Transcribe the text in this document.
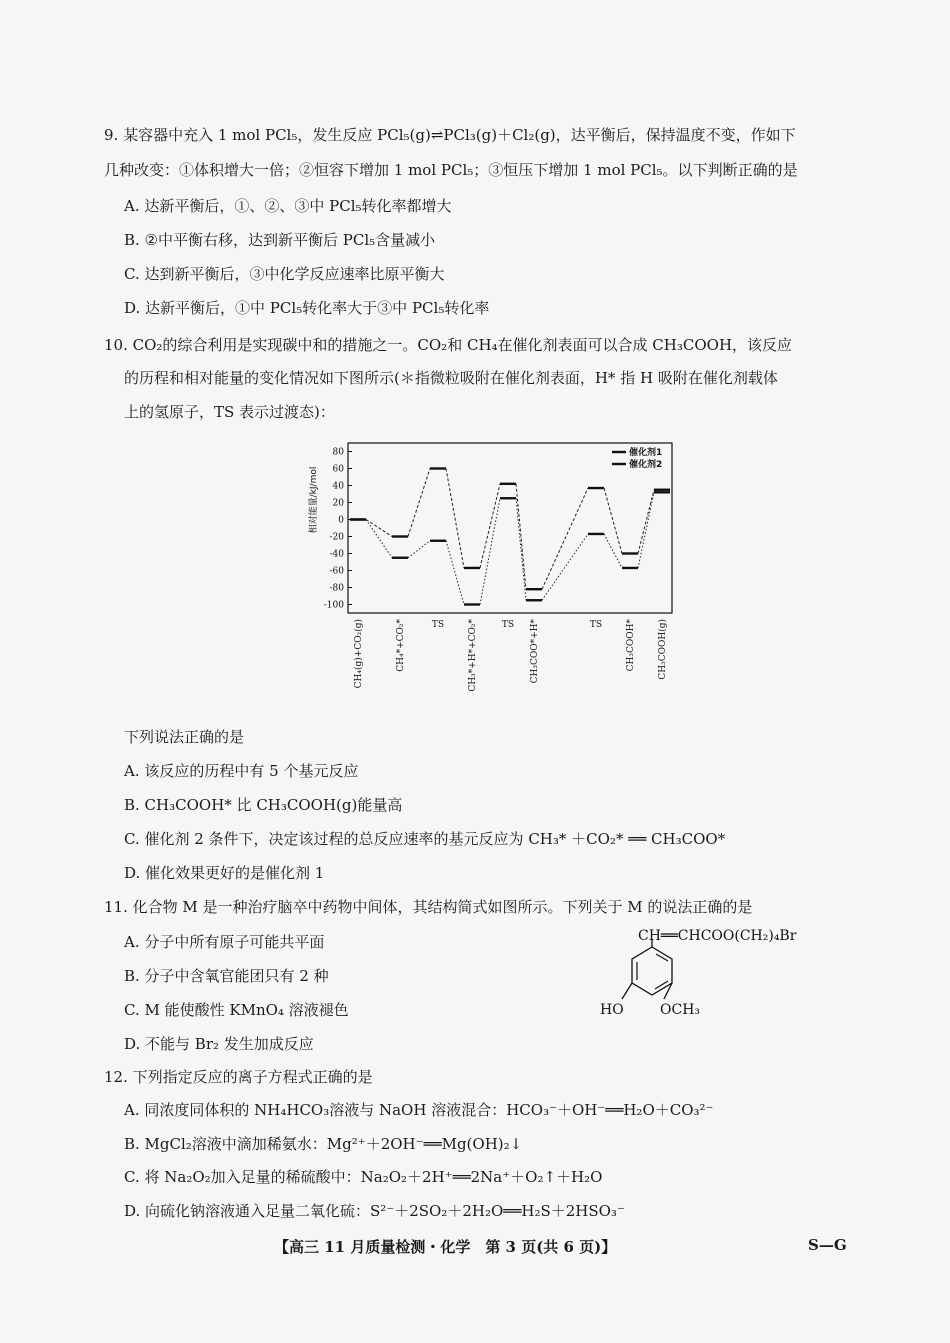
9. 某容器中充入 1 mol PCl₅，发生反应 PCl₅(g)⇌PCl₃(g)＋Cl₂(g)，达平衡后，保持温度不变，作如下
几种改变：①体积增大一倍；②恒容下增加 1 mol PCl₅；③恒压下增加 1 mol PCl₅。以下判断正确的是
A. 达新平衡后，①、②、③中 PCl₅转化率都增大
B. ②中平衡右移，达到新平衡后 PCl₅含量减小
C. 达到新平衡后，③中化学反应速率比原平衡大
D. 达新平衡后，①中 PCl₅转化率大于③中 PCl₅转化率
10. CO₂的综合利用是实现碳中和的措施之一。CO₂和 CH₄在催化剂表面可以合成 CH₃COOH，该反应
的历程和相对能量的变化情况如下图所示(＊指微粒吸附在催化剂表面，H* 指 H 吸附在催化剂载体
上的氢原子，TS 表示过渡态)：
80
60
40
20
0
-20
-40
-60
-80
-100
CH₄(g)+CO₂(g)	CH₄*+CO₂*	TS	CH₃*+H*+CO₂*	TS CH₃COO*+H*	TS	CH₃COOH* CH₃COOH(g)
催化剂1
催化剂2
相对能量/kJ/mol
下列说法正确的是
A. 该反应的历程中有 5 个基元反应
B. CH₃COOH* 比 CH₃COOH(g)能量高
C. 催化剂 2 条件下，决定该过程的总反应速率的基元反应为 CH₃* ＋CO₂* ══ CH₃COO*
D. 催化效果更好的是催化剂 1
11. 化合物 M 是一种治疗脑卒中药物中间体，其结构简式如图所示。下列关于 M 的说法正确的是
A. 分子中所有原子可能共平面
B. 分子中含氧官能团只有 2 种
C. M 能使酸性 KMnO₄ 溶液褪色
D. 不能与 Br₂ 发生加成反应
CH══CHCOO(CH₂)₄Br
HO	OCH₃
12. 下列指定反应的离子方程式正确的是
A. 同浓度同体积的 NH₄HCO₃溶液与 NaOH 溶液混合：HCO₃⁻＋OH⁻══H₂O＋CO₃²⁻
B. MgCl₂溶液中滴加稀氨水：Mg²⁺＋2OH⁻══Mg(OH)₂↓
C. 将 Na₂O₂加入足量的稀硫酸中：Na₂O₂＋2H⁺══2Na⁺＋O₂↑＋H₂O
D. 向硫化钠溶液通入足量二氧化硫：S²⁻＋2SO₂＋2H₂O══H₂S＋2HSO₃⁻
【高三 11 月质量检测・化学　第 3 页(共 6 页)】	S—G
